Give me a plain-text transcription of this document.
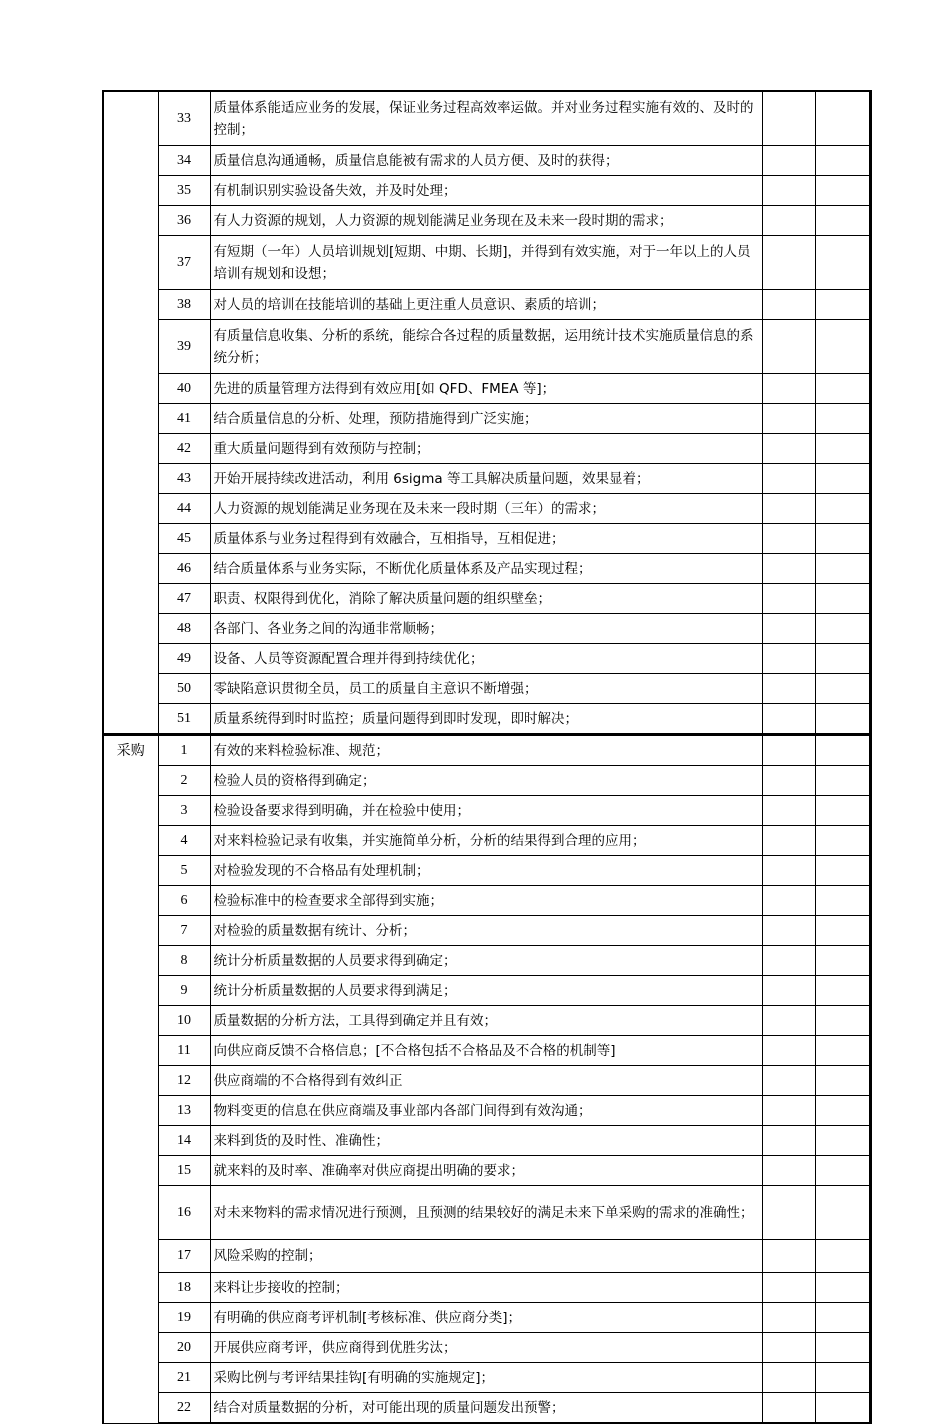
	33	质量体系能适应业务的发展，保证业务过程高效率运做。并对业务过程实施有效的、及时的控制；		
	34	质量信息沟通通畅，质量信息能被有需求的人员方便、及时的获得；		
	35	有机制识别实验设备失效，并及时处理；		
	36	有人力资源的规划，人力资源的规划能满足业务现在及未来一段时期的需求；		
	37	有短期（一年）人员培训规划[短期、中期、长期]，并得到有效实施，对于一年以上的人员培训有规划和设想；		
	38	对人员的培训在技能培训的基础上更注重人员意识、素质的培训；		
	39	有质量信息收集、分析的系统，能综合各过程的质量数据，运用统计技术实施质量信息的系统分析；		
	40	先进的质量管理方法得到有效应用[如 QFD、FMEA 等]；		
	41	结合质量信息的分析、处理，预防措施得到广泛实施；		
	42	重大质量问题得到有效预防与控制；		
	43	开始开展持续改进活动，利用 6sigma 等工具解决质量问题，效果显着；		
	44	人力资源的规划能满足业务现在及未来一段时期（三年）的需求；		
	45	质量体系与业务过程得到有效融合，互相指导，互相促进；		
	46	结合质量体系与业务实际，不断优化质量体系及产品实现过程；		
	47	职责、权限得到优化，消除了解决质量问题的组织壁垒；		
	48	各部门、各业务之间的沟通非常顺畅；		
	49	设备、人员等资源配置合理并得到持续优化；		
	50	零缺陷意识贯彻全员，员工的质量自主意识不断增强；		
	51	质量系统得到时时监控；质量问题得到即时发现，即时解决；		
采购	1	有效的来料检验标准、规范；		
	2	检验人员的资格得到确定；		
	3	检验设备要求得到明确，并在检验中使用；		
	4	对来料检验记录有收集，并实施简单分析，分析的结果得到合理的应用；		
	5	对检验发现的不合格品有处理机制；		
	6	检验标准中的检查要求全部得到实施；		
	7	对检验的质量数据有统计、分析；		
	8	统计分析质量数据的人员要求得到确定；		
	9	统计分析质量数据的人员要求得到满足；		
	10	质量数据的分析方法，工具得到确定并且有效；		
	11	向供应商反馈不合格信息；[不合格包括不合格品及不合格的机制等]		
	12	供应商端的不合格得到有效纠正		
	13	物料变更的信息在供应商端及事业部内各部门间得到有效沟通；		
	14	来料到货的及时性、准确性；		
	15	就来料的及时率、准确率对供应商提出明确的要求；		
	16	对未来物料的需求情况进行预测，且预测的结果较好的满足未来下单采购的需求的准确性；		
	17	风险采购的控制；		
	18	来料让步接收的控制；		
	19	有明确的供应商考评机制[考核标准、供应商分类]；		
	20	开展供应商考评，供应商得到优胜劣汰；		
	21	采购比例与考评结果挂钩[有明确的实施规定]；		
	22	结合对质量数据的分析，对可能出现的质量问题发出预警；		
